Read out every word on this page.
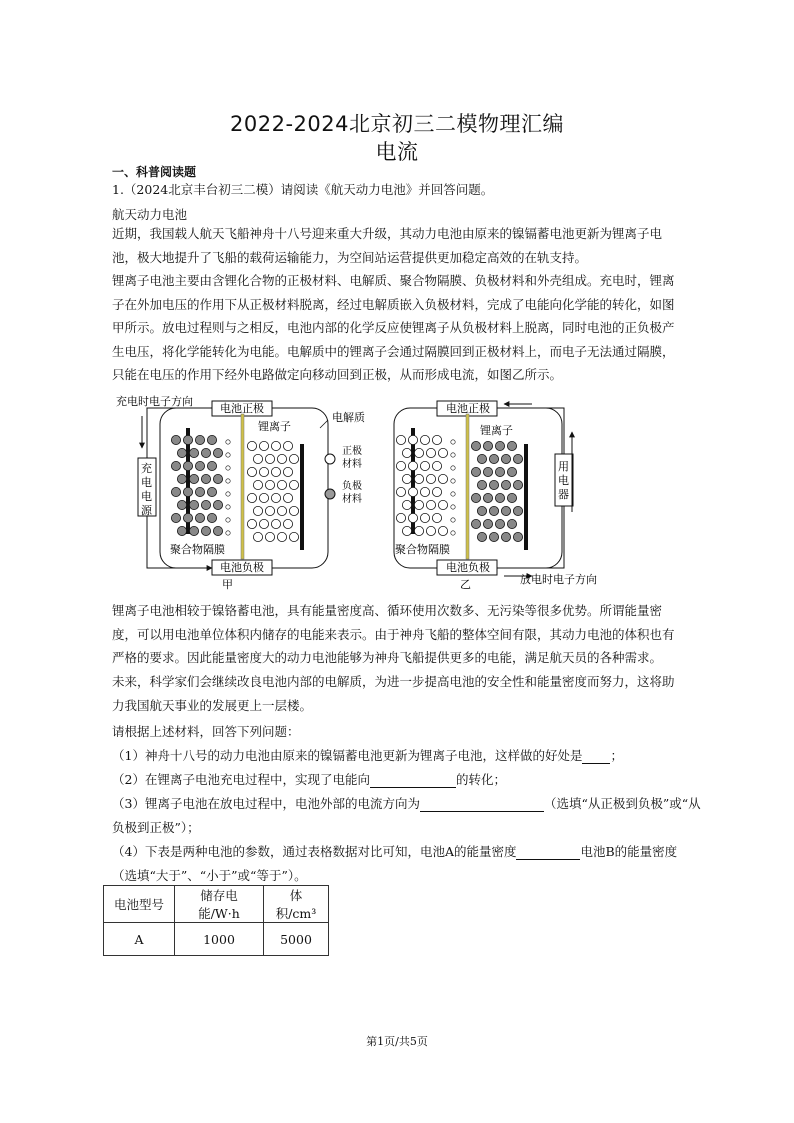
2022-2024北京初三二模物理汇编
电流
一、科普阅读题
1.（2024北京丰台初三二模）请阅读《航天动力电池》并回答问题。
航天动力电池
近期，我国载人航天飞船神舟十八号迎来重大升级，其动力电池由原来的镍镉蓄电池更新为锂离子电池，极大地提升了飞船的载荷运输能力，为空间站运营提供更加稳定高效的在轨支持。
锂离子电池主要由含锂化合物的正极材料、电解质、聚合物隔膜、负极材料和外壳组成。充电时，锂离子在外加电压的作用下从正极材料脱离，经过电解质嵌入负极材料，完成了电能向化学能的转化，如图甲所示。放电过程则与之相反，电池内部的化学反应使锂离子从负极材料上脱离，同时电池的正负极产生电压，将化学能转化为电能。电解质中的锂离子会通过隔膜回到正极材料上，而电子无法通过隔膜，只能在电压的作用下经外电路做定向移动回到正极，从而形成电流，如图乙所示。
充电时电子方向
电池正极
电池负极
锂离子
聚合物隔膜
甲
电解质
电池正极
电池负极
锂离子
聚合物隔膜
乙	放电时电子方向
充电电源
用电器
正极材料
负极材料
锂离子电池相较于镍铬蓄电池，具有能量密度高、循环使用次数多、无污染等很多优势。所谓能量密度，可以用电池单位体积内储存的电能来表示。由于神舟飞船的整体空间有限，其动力电池的体积也有严格的要求。因此能量密度大的动力电池能够为神舟飞船提供更多的电能，满足航天员的各种需求。
未来，科学家们会继续改良电池内部的电解质，为进一步提高电池的安全性和能量密度而努力，这将助力我国航天事业的发展更上一层楼。
请根据上述材料，回答下列问题：
（1）神舟十八号的动力电池由原来的镍镉蓄电池更新为锂离子电池，这样做的好处是 ；
（2）在锂离子电池充电过程中，实现了电能向	的转化；
（3）锂离子电池在放电过程中，电池外部的电流方向为	（选填“从正极到负极”或“从
负极到正极”）；
（4）下表是两种电池的参数，通过表格数据对比可知，电池A的能量密度	电池B的能量密度
（选填“大于”、“小于”或“等于”）。
电池型号	储存电能/W·h	体积/cm³
A	1000	5000
第1页/共5页
